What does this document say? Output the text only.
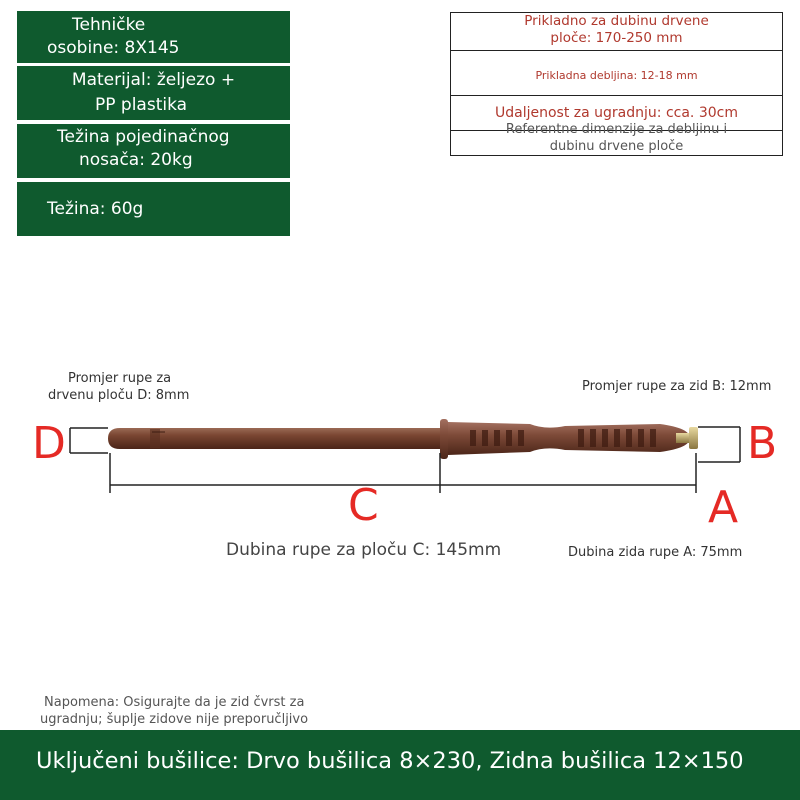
Tehničke
osobine: 8X145
Materijal: željezo +
PP plastika
Težina pojedinačnog
nosača: 20kg
Težina: 60g
Prikladno za dubinu drvene
ploče: 170-250 mm
Prikladna debljina: 12-18 mm
Udaljenost za ugradnju: cca. 30cm
Referentne dimenzije za debljinu i
dubinu drvene ploče
D	B
C	A
Promjer rupe za
drvenu ploču D: 8mm
Promjer rupe za zid B: 12mm
Dubina rupe za ploču C: 145mm	Dubina zida rupe A: 75mm
Napomena: Osigurajte da je zid čvrst za
ugradnju; šuplje zidove nije preporučljivo
Uključeni bušilice: Drvo bušilica 8×230, Zidna bušilica 12×150
